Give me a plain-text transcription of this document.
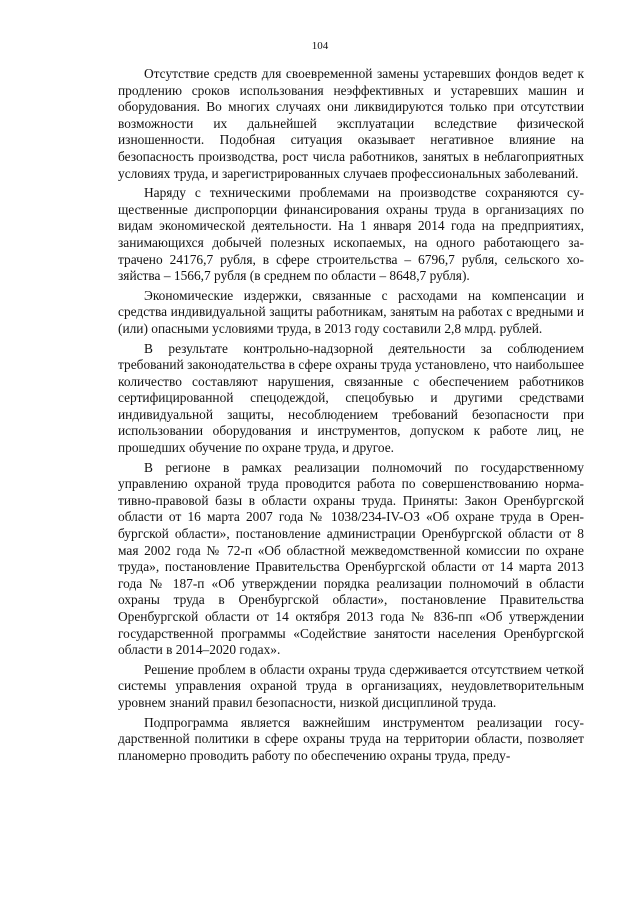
104

Отсутствие средств для своевременной замены устаревших фондов ведет к продлению сроков использования неэффективных и устаревших машин и оборудования. Во многих случаях они ликвидируются только при отсутствии возможности их дальнейшей эксплуатации вследствие физической изношенности. Подобная ситуация оказывает негативное влияние на безопасность производства, рост числа работников, занятых в неблагоприятных условиях труда, и зарегистрированных случаев профессиональных заболеваний.

Наряду с техническими проблемами на производстве сохраняются существенные диспропорции финансирования охраны труда в организациях по видам экономической деятельности. На 1 января 2014 года на предприятиях, занимающихся добычей полезных ископаемых, на одного работающего затрачено 24176,7 рубля, в сфере строительства – 6796,7 рубля, сельского хозяйства – 1566,7 рубля (в среднем по области – 8648,7 рубля).

Экономические издержки, связанные с расходами на компенсации и средства индивидуальной защиты работникам, занятым на работах с вредными и (или) опасными условиями труда, в 2013 году составили 2,8 млрд. рублей.

В результате контрольно-надзорной деятельности за соблюдением требований законодательства в сфере охраны труда установлено, что наибольшее количество составляют нарушения, связанные с обеспечением работников сертифицированной спецодеждой, спецобувью и другими средствами индивидуальной защиты, несоблюдением требований безопасности при использовании оборудования и инструментов, допуском к работе лиц, не прошедших обучение по охране труда, и другое.

В регионе в рамках реализации полномочий по государственному управлению охраной труда проводится работа по совершенствованию нормативно-правовой базы в области охраны труда. Приняты: Закон Оренбургской области от 16 марта 2007 года № 1038/234-IV-ОЗ «Об охране труда в Оренбургской области», постановление администрации Оренбургской области от 8 мая 2002 года № 72-п «Об областной межведомственной комиссии по охране труда», постановление Правительства Оренбургской области от 14 марта 2013 года № 187-п «Об утверждении порядка реализации полномочий в области охраны труда в Оренбургской области», постановление Правительства Оренбургской области от 14 октября 2013 года № 836-пп «Об утверждении государственной программы «Содействие занятости населения Оренбургской области в 2014–2020 годах».

Решение проблем в области охраны труда сдерживается отсутствием четкой системы управления охраной труда в организациях, неудовлетворительным уровнем знаний правил безопасности, низкой дисциплиной труда.

Подпрограмма является важнейшим инструментом реализации государственной политики в сфере охраны труда на территории области, позволяет планомерно проводить работу по обеспечению охраны труда, преду-
